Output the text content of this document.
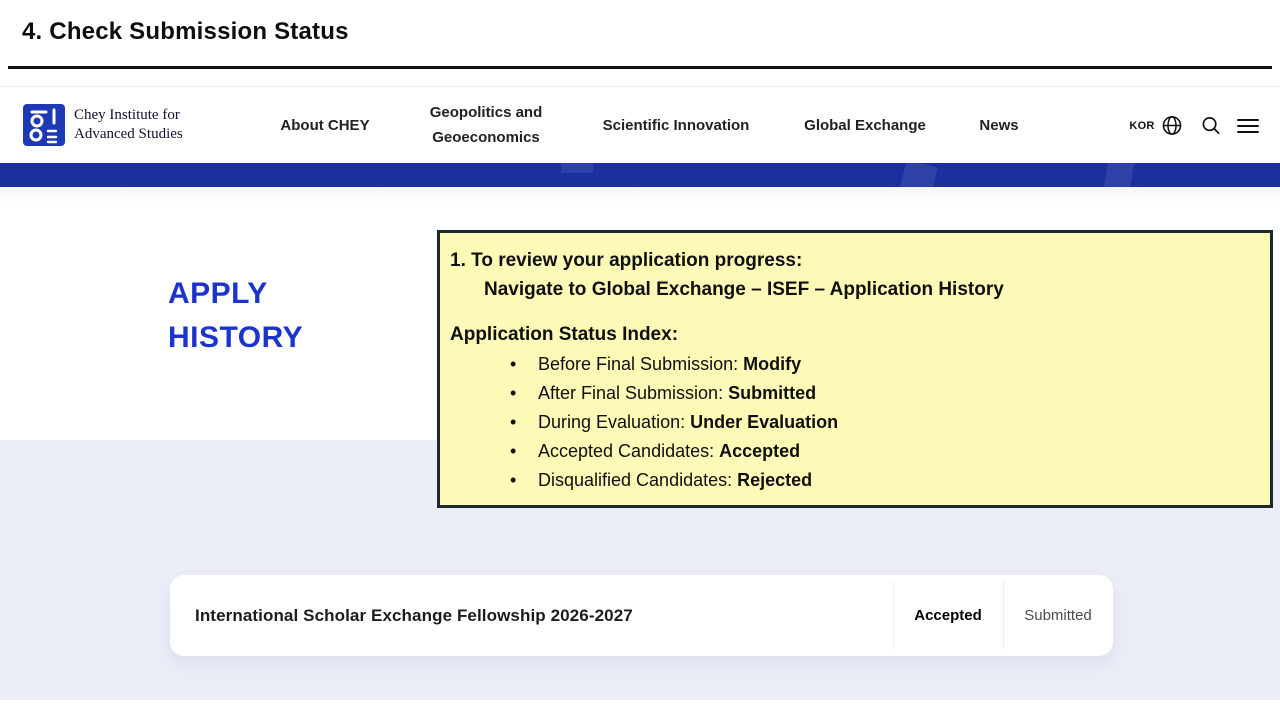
4. Check Submission Status
Chey Institute for
Advanced Studies	About CHEY
Geopolitics and Geoeconomics
Scientific Innovation	Global Exchange	News	KOR
APPLY
HISTORY
1. To review your application progress:
Navigate to Global Exchange – ISEF – Application History
Application Status Index:
• Before Final Submission: Modify
• After Final Submission: Submitted
• During Evaluation: Under Evaluation
• Accepted Candidates: Accepted
• Disqualified Candidates: Rejected
International Scholar Exchange Fellowship 2026-2027	Accepted	Submitted
